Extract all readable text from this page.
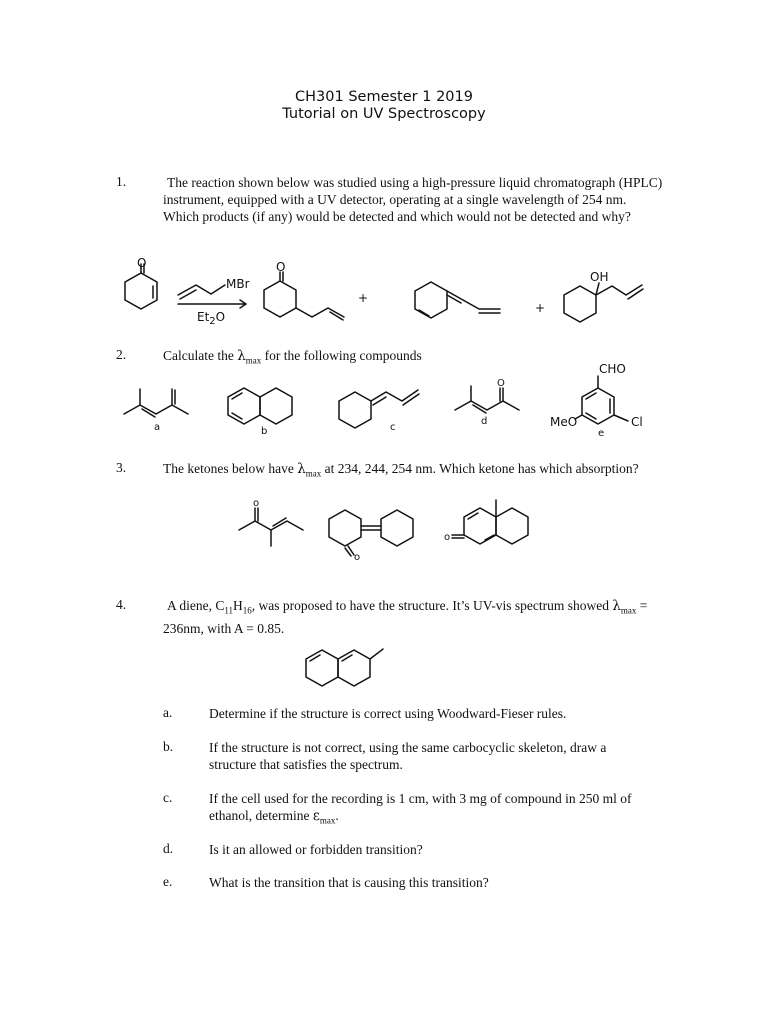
CH301 Semester 1 2019
Tutorial on UV Spectroscopy
1.	The reaction shown below was studied using a high-pressure liquid chromatograph (HPLC) instrument, equipped with a UV detector, operating at a single wavelength of 254 nm. Which products (if any) would be detected and which would not be detected and why?
O
MBr
$Et_2O$
O
+
+
OH
2.	Calculate the $\lambda_{max}$ for the following compounds
a	b	c
O
d
CHO
MeO	Cl
e
3.	The ketones below have $\lambda_{max}$ at 234, 244, 254 nm. Which ketone has which absorption?
o
o
o
4.	A diene, $C_{11}H_{16}$, was proposed to have the structure. It’s UV-vis spectrum showed $\lambda_{max} = 236nm$, with A = 0.85.
a.	Determine if the structure is correct using Woodward-Fieser rules.
b.	If the structure is not correct, using the same carbocyclic skeleton, draw a structure that satisfies the spectrum.
c.	If the cell used for the recording is 1 cm, with 3 mg of compound in 250 ml of ethanol, determine $\varepsilon_{max}$.
d.	Is it an allowed or forbidden transition?
e.	What is the transition that is causing this transition?
